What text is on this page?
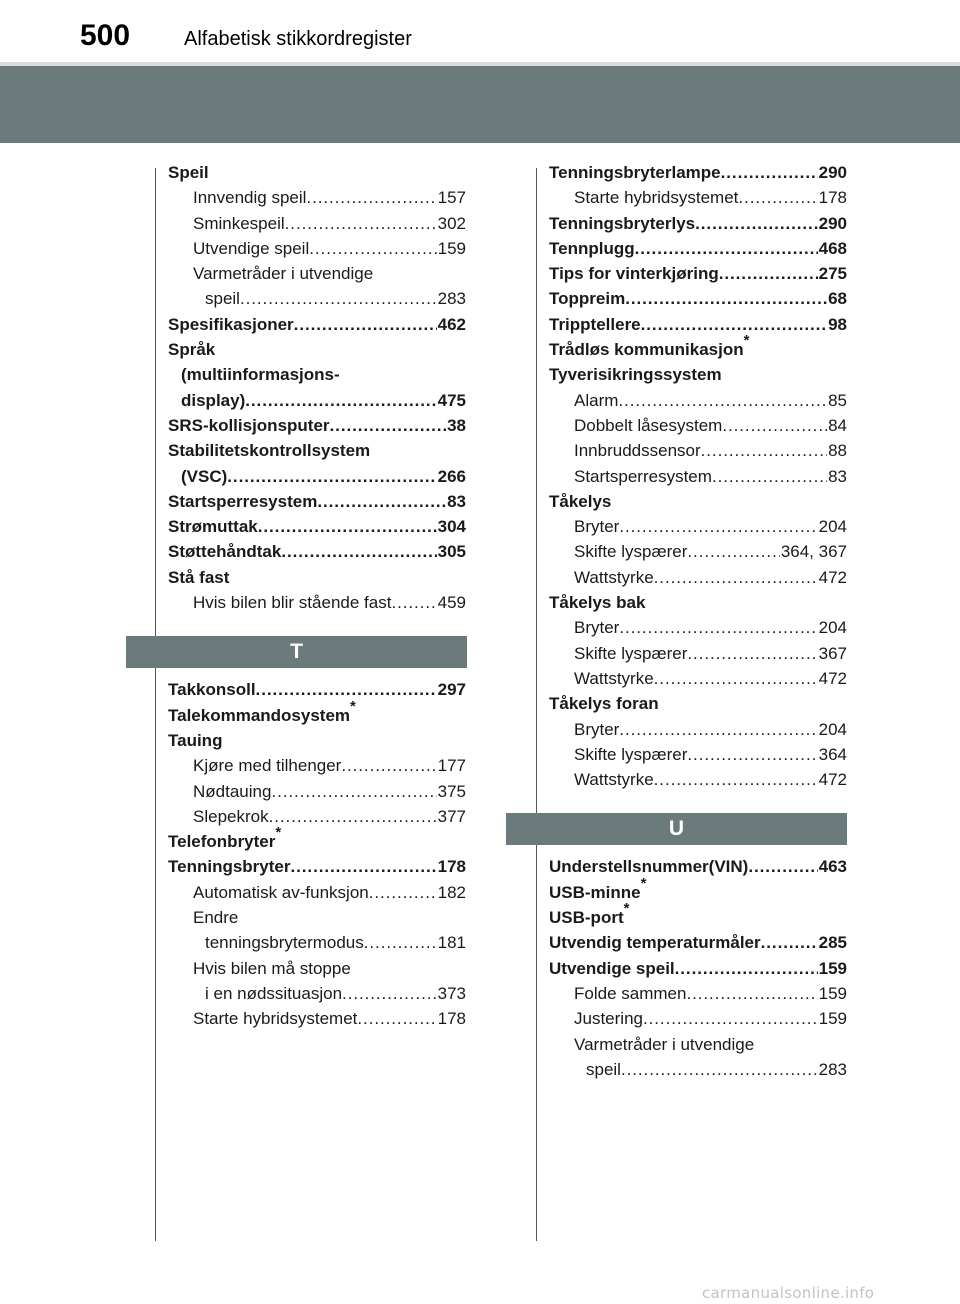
500	Alfabetisk stikkordregister
Speil
Innvendig speil . . .	157
Sminkespeil . . .	302
Utvendige speil . . .	159
Varmetråder i utvendige
speil . . .	283
Spesifikasjoner . . .	462
Språk
(multiinformasjons-
display) . . .	475
SRS-kollisjonsputer . . .	38
Stabilitetskontrollsystem
(VSC) . . .	266
Startsperresystem . . .	83
Strømuttak . . .	304
Støttehåndtak . . .	305
Stå fast
Hvis bilen blir stående fast . . .	459
T
Takkonsoll . . .	297
Talekommandosystem*
Tauing
Kjøre med tilhenger . . .	177
Nødtauing . . .	375
Slepekrok . . .	377
Telefonbryter*
Tenningsbryter . . .	178
Automatisk av-funksjon . . .	182
Endre
tenningsbrytermodus . . .	181
Hvis bilen må stoppe
i en nødssituasjon . . .	373
Starte hybridsystemet . . .	178
Tenningsbryterlampe . . .	290
Starte hybridsystemet . . .	178
Tenningsbryterlys . . .	290
Tennplugg . . .	468
Tips for vinterkjøring . . .	275
Toppreim . . .	68
Tripptellere . . .	98
Trådløs kommunikasjon*
Tyverisikringssystem
Alarm . . .	85
Dobbelt låsesystem . . .	84
Innbruddssensor . . .	88
Startsperresystem . . .	83
Tåkelys
Bryter . . .	204
Skifte lyspærer . . .	364, 367
Wattstyrke . . .	472
Tåkelys bak
Bryter . . .	204
Skifte lyspærer . . .	367
Wattstyrke . . .	472
Tåkelys foran
Bryter . . .	204
Skifte lyspærer . . .	364
Wattstyrke . . .	472
U
Understellsnummer(VIN) . . .	463
USB-minne*
USB-port*
Utvendig temperaturmåler . . .	285
Utvendige speil . . .	159
Folde sammen . . .	159
Justering . . .	159
Varmetråder i utvendige
speil . . .	283
carmanualsonline.info
